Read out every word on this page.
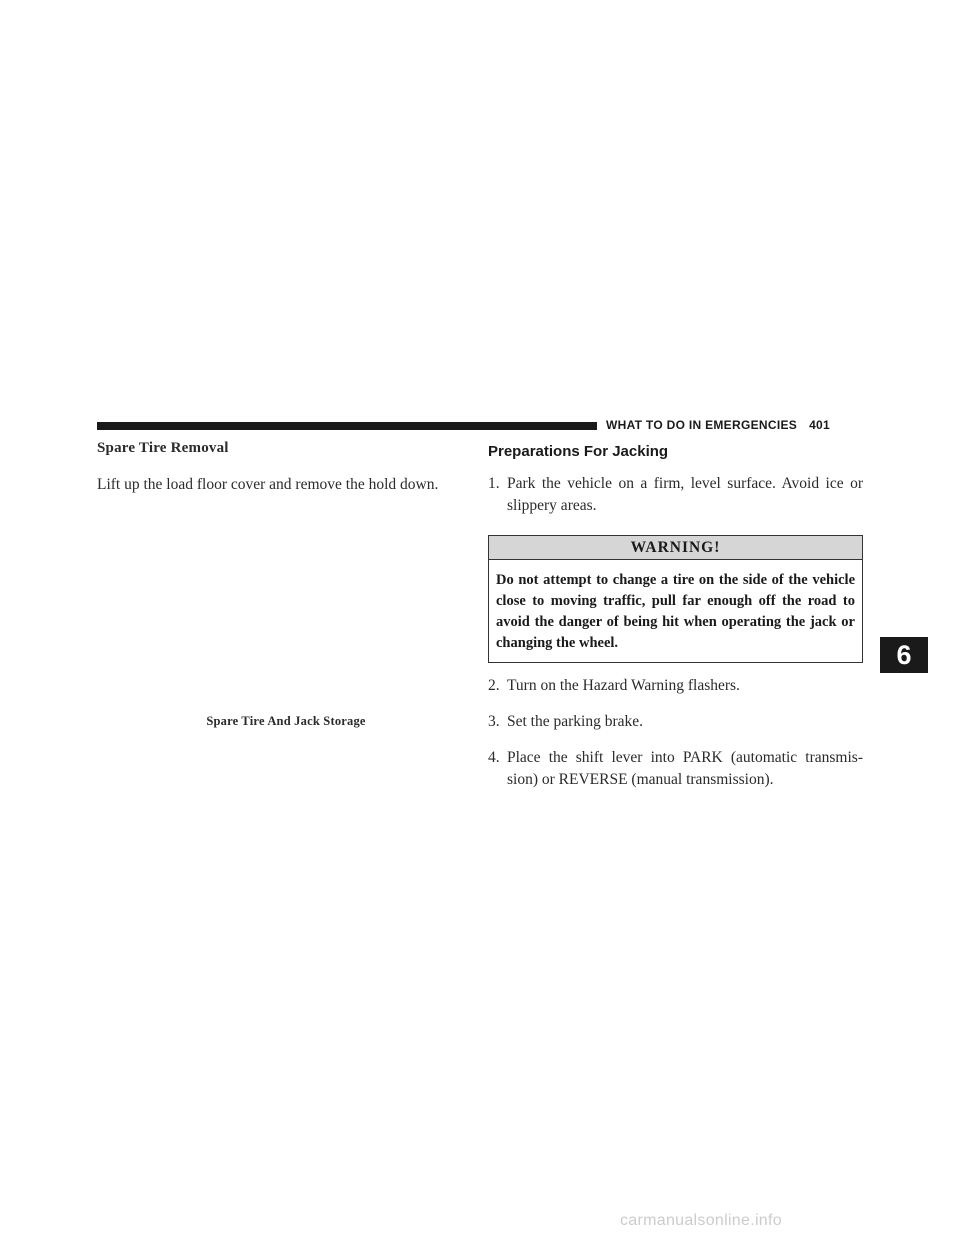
WHAT TO DO IN EMERGENCIES 401
Spare Tire Removal

Lift up the load floor cover and remove the hold down.

Spare Tire And Jack Storage
Preparations For Jacking
1. Park the vehicle on a firm, level surface. Avoid ice or slippery areas.
WARNING!
Do not attempt to change a tire on the side of the vehicle close to moving traffic, pull far enough off the road to avoid the danger of being hit when operating the jack or changing the wheel.
2. Turn on the Hazard Warning flashers.
3. Set the parking brake.
4. Place the shift lever into PARK (automatic transmis-sion) or REVERSE (manual transmission).
6
carmanualsonline.info
